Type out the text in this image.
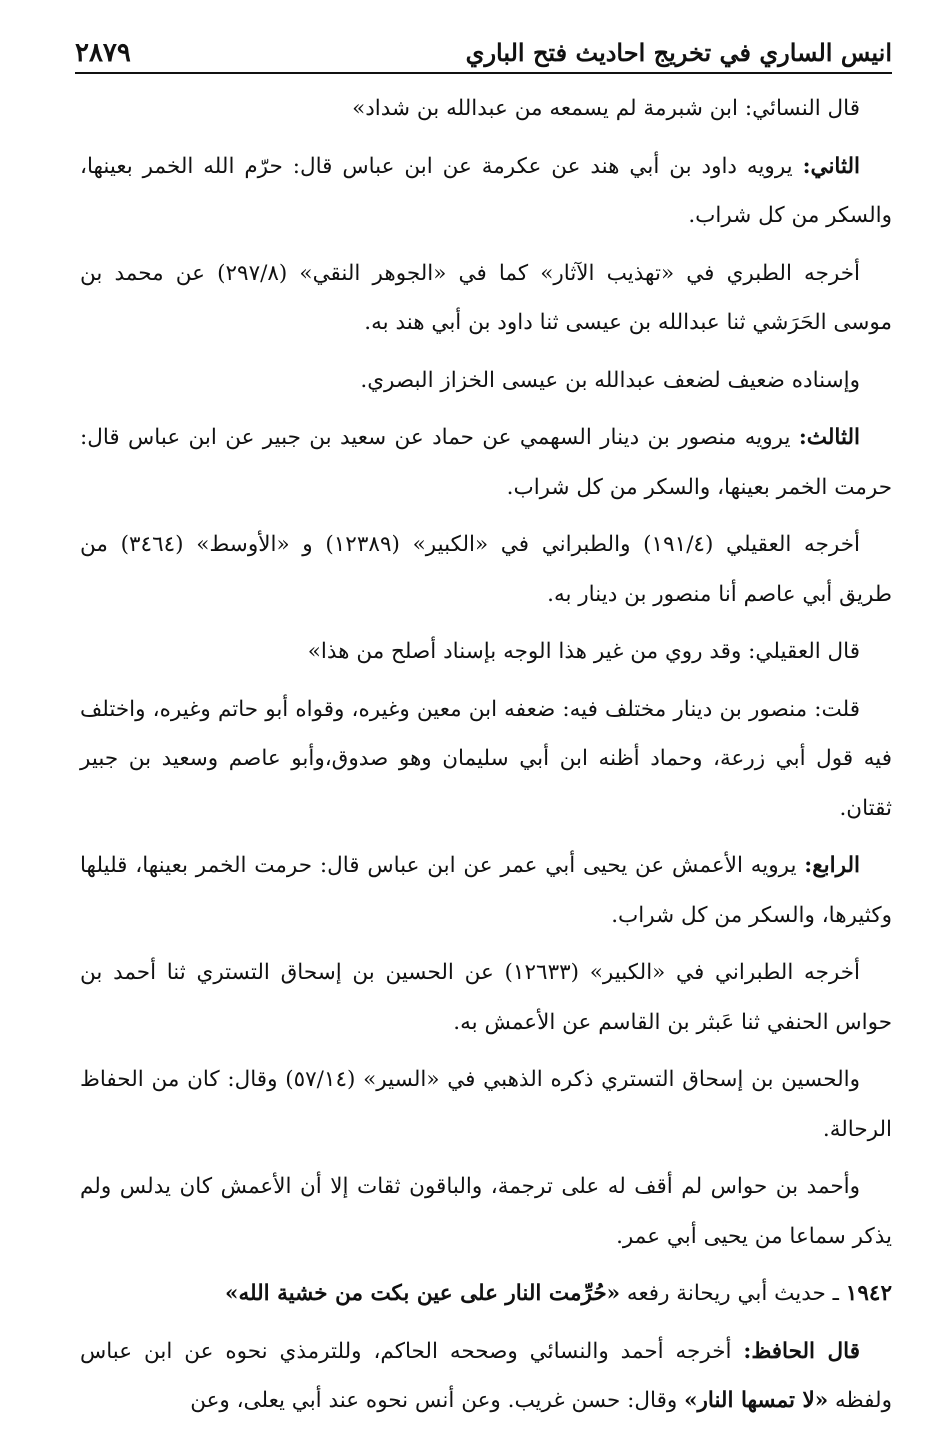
انيس الساري في تخريج احاديث فتح الباري
٢٨٧٩

قال النسائي: ابن شبرمة لم يسمعه من عبدالله بن شداد»

الثاني: يرويه داود بن أبي هند عن عكرمة عن ابن عباس قال: حرّم الله الخمر بعينها، والسكر من كل شراب.

أخرجه الطبري في «تهذيب الآثار» كما في «الجوهر النقي» (٢٩٧/٨) عن محمد بن موسى الحَرَشي ثنا عبدالله بن عيسى ثنا داود بن أبي هند به.

وإسناده ضعيف لضعف عبدالله بن عيسى الخزاز البصري.

الثالث: يرويه منصور بن دينار السهمي عن حماد عن سعيد بن جبير عن ابن عباس قال: حرمت الخمر بعينها، والسكر من كل شراب.

أخرجه العقيلي (١٩١/٤) والطبراني في «الكبير» (١٢٣٨٩) و «الأوسط» (٣٤٦٤) من طريق أبي عاصم أنا منصور بن دينار به.

قال العقيلي: وقد روي من غير هذا الوجه بإسناد أصلح من هذا»

قلت: منصور بن دينار مختلف فيه: ضعفه ابن معين وغيره، وقواه أبو حاتم وغيره، واختلف فيه قول أبي زرعة، وحماد أظنه ابن أبي سليمان وهو صدوق،وأبو عاصم وسعيد بن جبير ثقتان.

الرابع: يرويه الأعمش عن يحيى أبي عمر عن ابن عباس قال: حرمت الخمر بعينها، قليلها وكثيرها، والسكر من كل شراب.

أخرجه الطبراني في «الكبير» (١٢٦٣٣) عن الحسين بن إسحاق التستري ثنا أحمد بن حواس الحنفي ثنا عَبثر بن القاسم عن الأعمش به.

والحسين بن إسحاق التستري ذكره الذهبي في «السير» (٥٧/١٤) وقال: كان من الحفاظ الرحالة.

وأحمد بن حواس لم أقف له على ترجمة، والباقون ثقات إلا أن الأعمش كان يدلس ولم يذكر سماعا من يحيى أبي عمر.

١٩٤٢ ـ حديث أبي ريحانة رفعه «حُرِّمت النار على عين بكت من خشية الله»

قال الحافظ: أخرجه أحمد والنسائي وصححه الحاكم، وللترمذي نحوه عن ابن عباس ولفظه «لا تمسها النار» وقال: حسن غريب. وعن أنس نحوه عند أبي يعلى، وعن
